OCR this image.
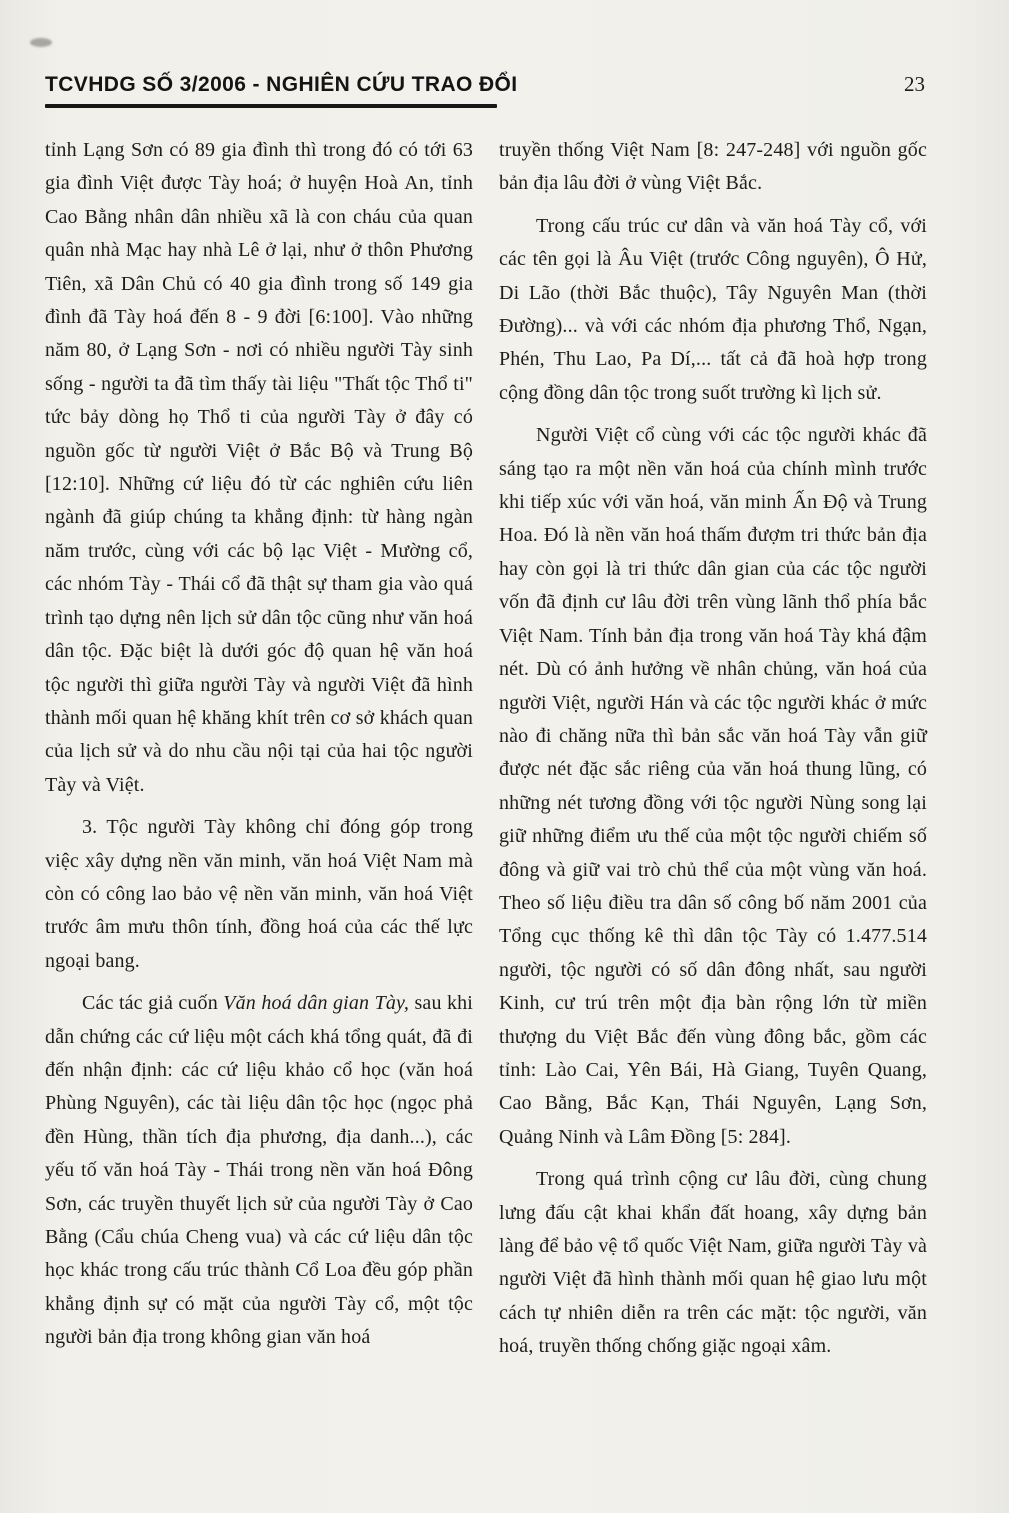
TCVHDG SỐ 3/2006 - NGHIÊN CỨU TRAO ĐỔI	23

tỉnh Lạng Sơn có 89 gia đình thì trong đó có tới 63 gia đình Việt được Tày hoá; ở huyện Hoà An, tỉnh Cao Bằng nhân dân nhiều xã là con cháu của quan quân nhà Mạc hay nhà Lê ở lại, như ở thôn Phương Tiên, xã Dân Chủ có 40 gia đình trong số 149 gia đình đã Tày hoá đến 8 - 9 đời [6:100]. Vào những năm 80, ở Lạng Sơn - nơi có nhiều người Tày sinh sống - người ta đã tìm thấy tài liệu "Thất tộc Thổ ti" tức bảy dòng họ Thổ ti của người Tày ở đây có nguồn gốc từ người Việt ở Bắc Bộ và Trung Bộ [12:10]. Những cứ liệu đó từ các nghiên cứu liên ngành đã giúp chúng ta khẳng định: từ hàng ngàn năm trước, cùng với các bộ lạc Việt - Mường cổ, các nhóm Tày - Thái cổ đã thật sự tham gia vào quá trình tạo dựng nên lịch sử dân tộc cũng như văn hoá dân tộc. Đặc biệt là dưới góc độ quan hệ văn hoá tộc người thì giữa người Tày và người Việt đã hình thành mối quan hệ khăng khít trên cơ sở khách quan của lịch sử và do nhu cầu nội tại của hai tộc người Tày và Việt.

3. Tộc người Tày không chỉ đóng góp trong việc xây dựng nền văn minh, văn hoá Việt Nam mà còn có công lao bảo vệ nền văn minh, văn hoá Việt trước âm mưu thôn tính, đồng hoá của các thế lực ngoại bang.

Các tác giả cuốn Văn hoá dân gian Tày, sau khi dẫn chứng các cứ liệu một cách khá tổng quát, đã đi đến nhận định: các cứ liệu khảo cổ học (văn hoá Phùng Nguyên), các tài liệu dân tộc học (ngọc phả đền Hùng, thần tích địa phương, địa danh...), các yếu tố văn hoá Tày - Thái trong nền văn hoá Đông Sơn, các truyền thuyết lịch sử của người Tày ở Cao Bằng (Cẩu chúa Cheng vua) và các cứ liệu dân tộc học khác trong cấu trúc thành Cổ Loa đều góp phần khẳng định sự có mặt của người Tày cổ, một tộc người bản địa trong không gian văn hoá

truyền thống Việt Nam [8: 247-248] với nguồn gốc bản địa lâu đời ở vùng Việt Bắc.

Trong cấu trúc cư dân và văn hoá Tày cổ, với các tên gọi là Âu Việt (trước Công nguyên), Ô Hử, Di Lão (thời Bắc thuộc), Tây Nguyên Man (thời Đường)... và với các nhóm địa phương Thổ, Ngạn, Phén, Thu Lao, Pa Dí,... tất cả đã hoà hợp trong cộng đồng dân tộc trong suốt trường kì lịch sử.

Người Việt cổ cùng với các tộc người khác đã sáng tạo ra một nền văn hoá của chính mình trước khi tiếp xúc với văn hoá, văn minh Ấn Độ và Trung Hoa. Đó là nền văn hoá thấm đượm tri thức bản địa hay còn gọi là tri thức dân gian của các tộc người vốn đã định cư lâu đời trên vùng lãnh thổ phía bắc Việt Nam. Tính bản địa trong văn hoá Tày khá đậm nét. Dù có ảnh hưởng về nhân chủng, văn hoá của người Việt, người Hán và các tộc người khác ở mức nào đi chăng nữa thì bản sắc văn hoá Tày vẫn giữ được nét đặc sắc riêng của văn hoá thung lũng, có những nét tương đồng với tộc người Nùng song lại giữ những điểm ưu thế của một tộc người chiếm số đông và giữ vai trò chủ thể của một vùng văn hoá. Theo số liệu điều tra dân số công bố năm 2001 của Tổng cục thống kê thì dân tộc Tày có 1.477.514 người, tộc người có số dân đông nhất, sau người Kinh, cư trú trên một địa bàn rộng lớn từ miền thượng du Việt Bắc đến vùng đông bắc, gồm các tỉnh: Lào Cai, Yên Bái, Hà Giang, Tuyên Quang, Cao Bằng, Bắc Kạn, Thái Nguyên, Lạng Sơn, Quảng Ninh và Lâm Đồng [5: 284].

Trong quá trình cộng cư lâu đời, cùng chung lưng đấu cật khai khẩn đất hoang, xây dựng bản làng để bảo vệ tổ quốc Việt Nam, giữa người Tày và người Việt đã hình thành mối quan hệ giao lưu một cách tự nhiên diễn ra trên các mặt: tộc người, văn hoá, truyền thống chống giặc ngoại xâm.
